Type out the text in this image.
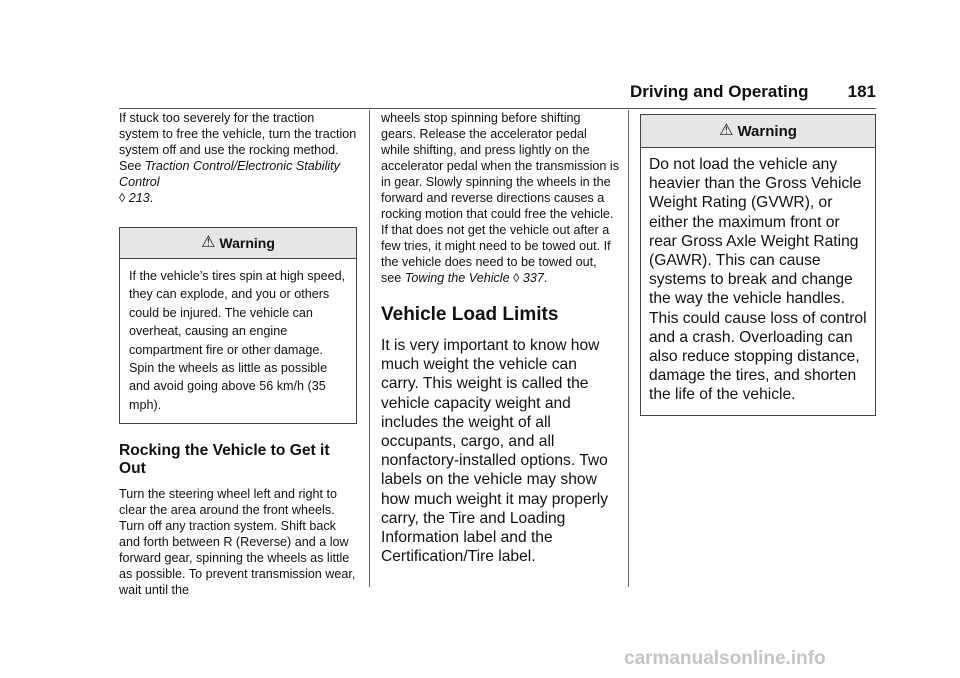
Driving and Operating 181

If stuck too severely for the traction system to free the vehicle, turn the traction system off and use the rocking method. See Traction Control/Electronic Stability Control
◊ 213.

⚠ Warning
If the vehicle’s tires spin at high speed, they can explode, and you or others could be injured. The vehicle can overheat, causing an engine compartment fire or other damage. Spin the wheels as little as possible and avoid going above 56 km/h (35 mph).
Rocking the Vehicle to Get it Out

Turn the steering wheel left and right to clear the area around the front wheels. Turn off any traction system. Shift back and forth between R (Reverse) and a low forward gear, spinning the wheels as little as possible. To prevent transmission wear, wait until the

wheels stop spinning before shifting gears. Release the accelerator pedal while shifting, and press lightly on the accelerator pedal when the transmission is in gear. Slowly spinning the wheels in the forward and reverse directions causes a rocking motion that could free the vehicle. If that does not get the vehicle out after a few tries, it might need to be towed out. If the vehicle does need to be towed out, see Towing the Vehicle ◊ 337.

Vehicle Load Limits

It is very important to know how much weight the vehicle can carry. This weight is called the vehicle capacity weight and includes the weight of all occupants, cargo, and all nonfactory-installed options. Two labels on the vehicle may show how much weight it may properly carry, the Tire and Loading Information label and the Certification/Tire label.

⚠ Warning
Do not load the vehicle any heavier than the Gross Vehicle Weight Rating (GVWR), or either the maximum front or rear Gross Axle Weight Rating (GAWR). This can cause systems to break and change the way the vehicle handles. This could cause loss of control and a crash. Overloading can also reduce stopping distance, damage the tires, and shorten the life of the vehicle.
carmanualsonline.info
